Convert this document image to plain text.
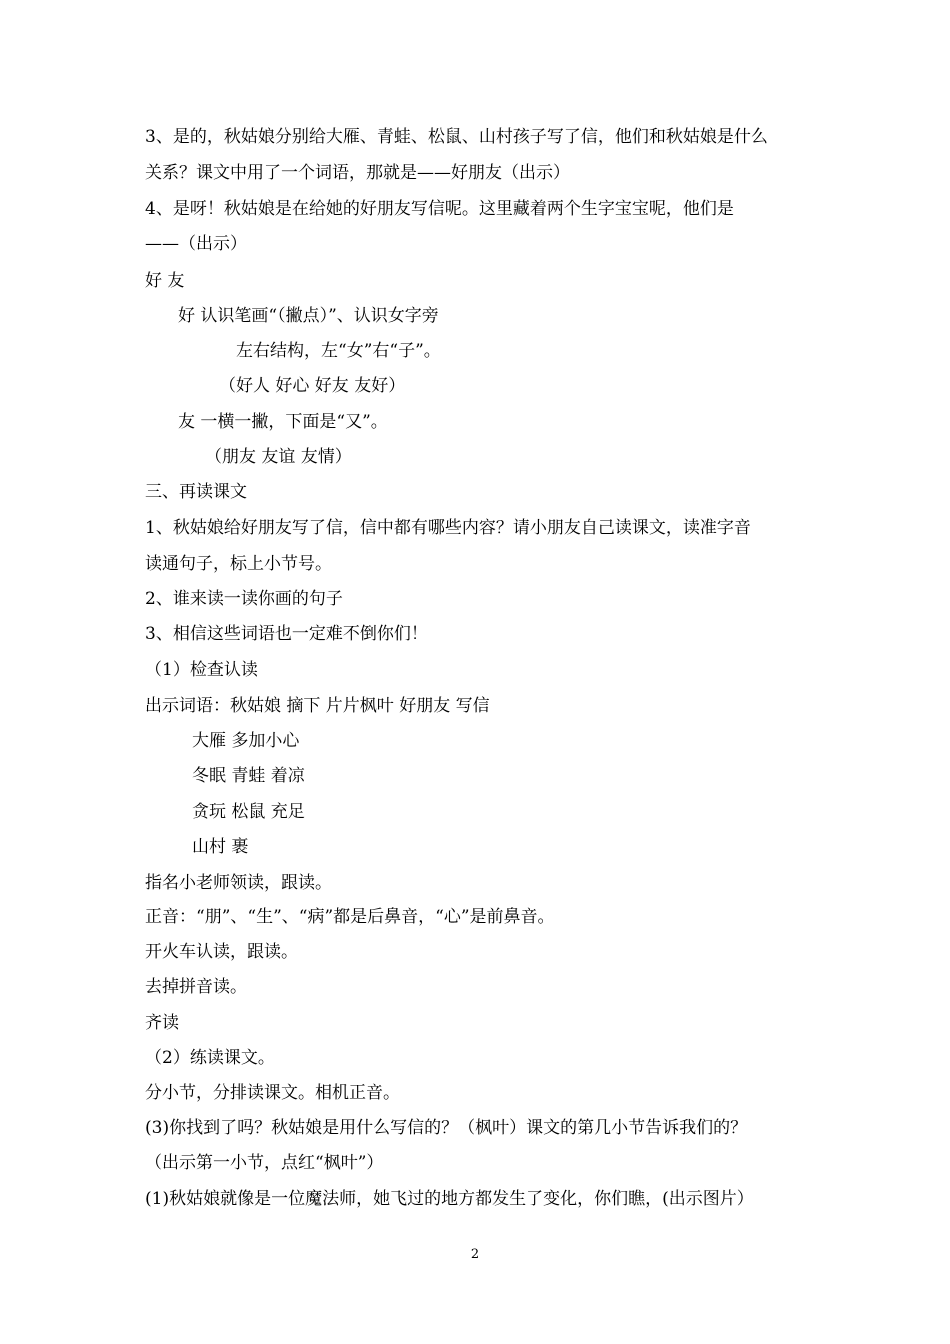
3、是的，秋姑娘分别给大雁、青蛙、松鼠、山村孩子写了信，他们和秋姑娘是什么
关系？课文中用了一个词语，那就是——好朋友（出示）
4、是呀！秋姑娘是在给她的好朋友写信呢。这里藏着两个生字宝宝呢，他们是
——（出示）
好 友
好 认识笔画“（撇点）”、认识女字旁
左右结构，左“女”右“子”。
（好人 好心 好友 友好）
友 一横一撇，下面是“又”。
（朋友 友谊 友情）
三、再读课文
1、秋姑娘给好朋友写了信，信中都有哪些内容？请小朋友自己读课文，读准字音
读通句子，标上小节号。
2、谁来读一读你画的句子
3、相信这些词语也一定难不倒你们！
（1）检查认读
出示词语：秋姑娘 摘下 片片枫叶 好朋友 写信
大雁 多加小心
冬眠 青蛙 着凉
贪玩 松鼠 充足
山村 裹
指名小老师领读，跟读。
正音：“朋”、“生”、“病”都是后鼻音，“心”是前鼻音。
开火车认读，跟读。
去掉拼音读。
齐读
（2）练读课文。
分小节，分排读课文。相机正音。
(3)你找到了吗？秋姑娘是用什么写信的？（枫叶）课文的第几小节告诉我们的？
（出示第一小节，点红“枫叶”）
(1)秋姑娘就像是一位魔法师，她飞过的地方都发生了变化，你们瞧，(出示图片）
2
